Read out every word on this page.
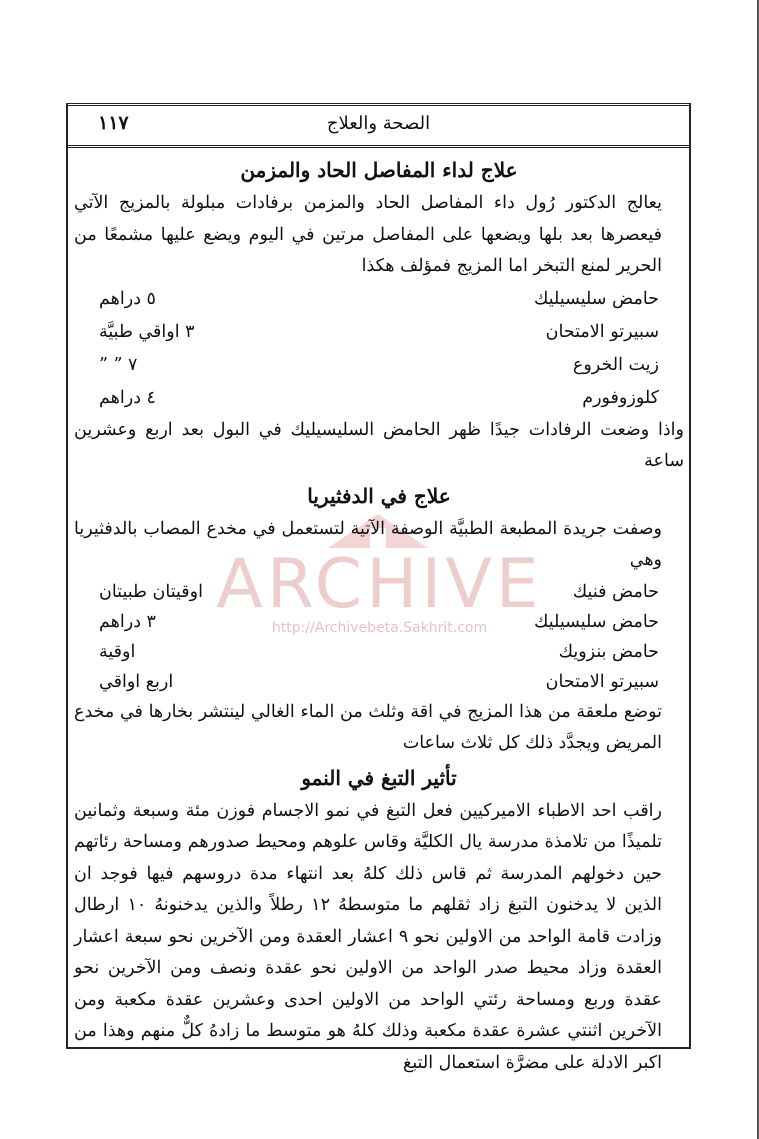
١١٧	الصحة والعلاج
ARCHIVE
http://Archivebeta.Sakhrit.com

علاج لداء المفاصل الحاد والمزمن

يعالج الدكتور رُول داء المفاصل الحاد والمزمن برفادات مبلولة بالمزيج الآتي فيعصرها بعد بلها ويضعها على المفاصل مرتين في اليوم ويضع عليها مشمعًا من الحرير لمنع التبخر اما المزيج فمؤلف هكذا

حامض سليسيليك
٥ دراهم
سبيرتو الامتحان
٣ اواقي طبيَّة
زيت الخروع
٧ ” ”
كلوزوفورم
٤ دراهم

واذا وضعت الرفادات جيدًا ظهر الحامض السليسيليك في البول بعد اربع وعشرين ساعة

علاج في الدفثيريا

وصفت جريدة المطبعة الطبيَّة الوصفة الآتية لتستعمل في مخدع المصاب بالدفثيريا وهي

حامض فنيك
اوقيتان طبيتان
حامض سليسيليك
٣ دراهم
حامض بنزويك
اوقية
سبيرتو الامتحان
اربع اواقي

توضع ملعقة من هذا المزيج في اقة وثلث من الماء الغالي لينتشر بخارها في مخدع المريض ويجدَّد ذلك كل ثلاث ساعات

تأثير التبغ في النمو

راقب احد الاطباء الاميركيين فعل التبغ في نمو الاجسام فوزن مئة وسبعة وثمانين تلميذًا من تلامذة مدرسة يال الكليَّة وقاس علوهم ومحيط صدورهم ومساحة رئاتهم حين دخولهم المدرسة ثم قاس ذلك كلهُ بعد انتهاء مدة دروسهم فيها فوجد ان الذين لا يدخنون التبغ زاد ثقلهم ما متوسطهُ ١٢ رطلاً والذين يدخنونهُ ١٠ ارطال وزادت قامة الواحد من الاولين نحو ٩ اعشار العقدة ومن الآخرين نحو سبعة اعشار العقدة وزاد محيط صدر الواحد من الاولين نحو عقدة ونصف ومن الآخرين نحو عقدة وربع ومساحة رئتي الواحد من الاولين احدى وعشرين عقدة مكعبة ومن الآخرين اثنتي عشرة عقدة مكعبة وذلك كلهُ هو متوسط ما زادهُ كلٌّ منهم وهذا من اكبر الادلة على مضرَّة استعمال التبغ
